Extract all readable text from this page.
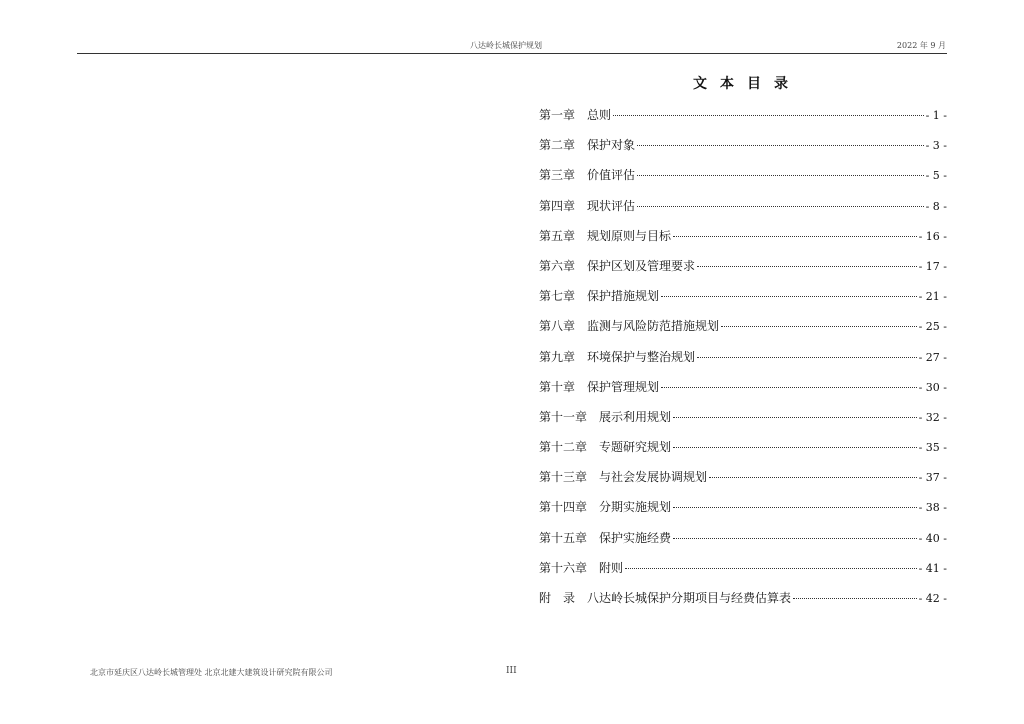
八达岭长城保护规划	2022 年 9 月
文本目录
第一章 总则	- 1 -
第二章 保护对象	- 3 -
第三章 价值评估	- 5 -
第四章 现状评估	- 8 -
第五章 规划原则与目标	- 16 -
第六章 保护区划及管理要求	- 17 -
第七章 保护措施规划	- 21 -
第八章 监测与风险防范措施规划	- 25 -
第九章 环境保护与整治规划	- 27 -
第十章 保护管理规划	- 30 -
第十一章 展示利用规划	- 32 -
第十二章 专题研究规划	- 35 -
第十三章 与社会发展协调规划	- 37 -
第十四章 分期实施规划	- 38 -
第十五章 保护实施经费	- 40 -
第十六章 附则	- 41 -
附　录 八达岭长城保护分期项目与经费估算表	- 42 -
北京市延庆区八达岭长城管理处 北京北建大建筑设计研究院有限公司	III
